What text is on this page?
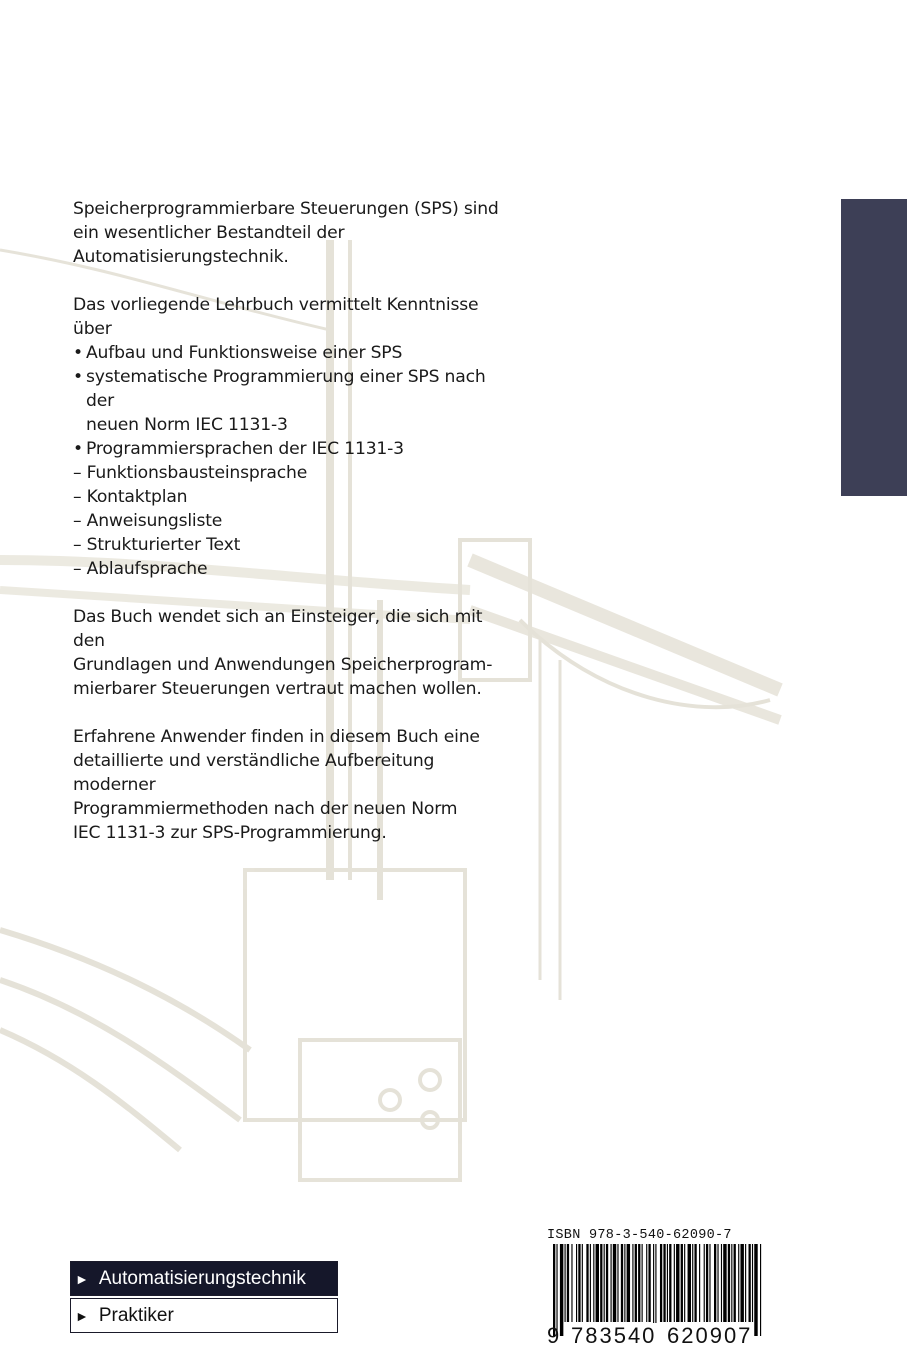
Speicherprogrammierbare Steuerungen (SPS) sind ein wesentlicher Bestandteil der Automatisierungstechnik.

Das vorliegende Lehrbuch vermittelt Kenntnisse über

• Aufbau und Funktionsweise einer SPS
• systematische Programmierung einer SPS nach der
neuen Norm IEC 1131-3
• Programmiersprachen der IEC 1131-3

– Funktionsbausteinsprache

– Kontaktplan

– Anweisungsliste

– Strukturierter Text

– Ablaufsprache

Das Buch wendet sich an Einsteiger, die sich mit den

Grundlagen und Anwendungen Speicherprogram-

mierbarer Steuerungen vertraut machen wollen.

Erfahrene Anwender finden in diesem Buch eine

detaillierte und verständliche Aufbereitung moderner

Programmiermethoden nach der neuen Norm

IEC 1131-3 zur SPS-Programmierung.

► Automatisierungstechnik
► Praktiker
ISBN 978-3-540-62090-7
9 783540 620907
